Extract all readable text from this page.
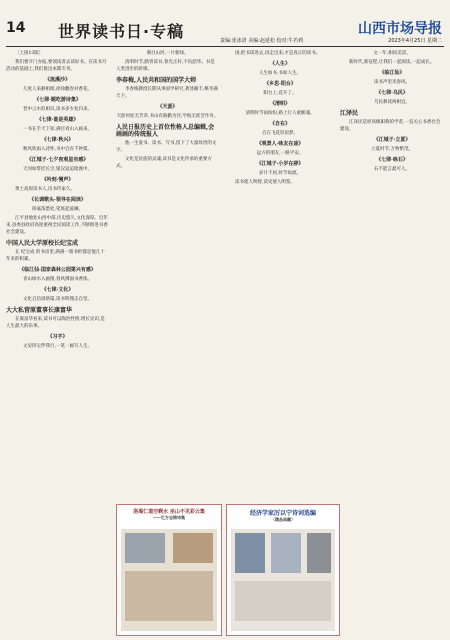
14 世界读书日·专稿	山西市场导报
责编:张冰清 美编:赵延松 校对:牛若莉	2023年4月25日 星期二

〔上接13版〕

我们要开门办报,要领读者去读好书。在读书月活动的基础上,我们推出本期专刊。

《流溪沙》

几度人来静相闻,徐徐翻卷对香花。

《七律·题吃游诗集》

晋中云水似相识,读书多少复归来。

《七律·谁是英雄》

一书在手天下知,满目青山入画来。

《七律·秋兴》

秋风吹雨入诗怀,书中自有千钟粟。

《江城子·七夕夜观星有感》

天河如带挂长空,银汉迢迢暗渡中。

《吟刻·慢声》

黄土高原读书人,诗书传家久。

《长调歌头·领导在阅读》

挥毫泼墨处,笔底起波澜。

江平县地处山西中部,历史悠久,文化深厚。近年来,县委县政府高度重视全民阅读工作,不断推进书香社会建设。

中国人民大学原校长纪宝成

在 纪宝成 的书房里,满满一墙书柜都是他几十年来的积累。

《临江仙·国家森林公园第兴有感》

青山绿水入画图,春风拂面书香浓。

《七律·文化》

文化自信谱新篇,读书明理志自坚。

大大私营原董事长康富华

在康富华看来,读书可以陶冶性情,增长见识,是人生最大的乐事。

《习字》

文房四宝伴我行,一笔一画写人生。

满目山河,一片新绿。

清明时节,踏青读书,春光正好,不负韶华。书是人类进步的阶梯。

李春梅,人民共和国的国学大师

李春梅教授长期从事国学研究,著述颇丰,桃李满天下。

《天涯》

天涯何处无芳草,书山有路勤为径,学海无涯苦作舟。

人民日报历史上首位性格人总编辑,会画画的传统报人

他一生爱书、读书、写书,留下了大量珍贵的文字。

文化是民族的灵魂,读书是文化传承的重要方式。

国,把书读进去,再走出来,才是真正的读书。

《人生》

人生如书,书如人生。

《乡思·阳台》

阳台上,花开了。

《清明》

清明时节雨纷纷,路上行人欲断魂。

《自在》

自在飞花轻似梦。

《观景人·咏友在途》

远方的朋友,一路平安。

《江城子·小岁在辞》

岁月不居,时节如流。

读书使人明智,读史使人明鉴。

文一年,相同美景。

新时代,新征程,让我们一起阅读,一起成长。

《临江仙》

读书声里见春风。

《七律·乌民》

乌民耕读两相宜。

江泽民

江泽民是原高级职称的学者,一直关心书香社会建设。

《江城子·立夏》

立夏时节,万物繁茂。

《七律·咏石》

石不能言最可人。

洛渴仁道空剩水 巫山不见彩云集
——忆方志锦诗集
经济学家厉以宁诗词选编
（精品典藏）
